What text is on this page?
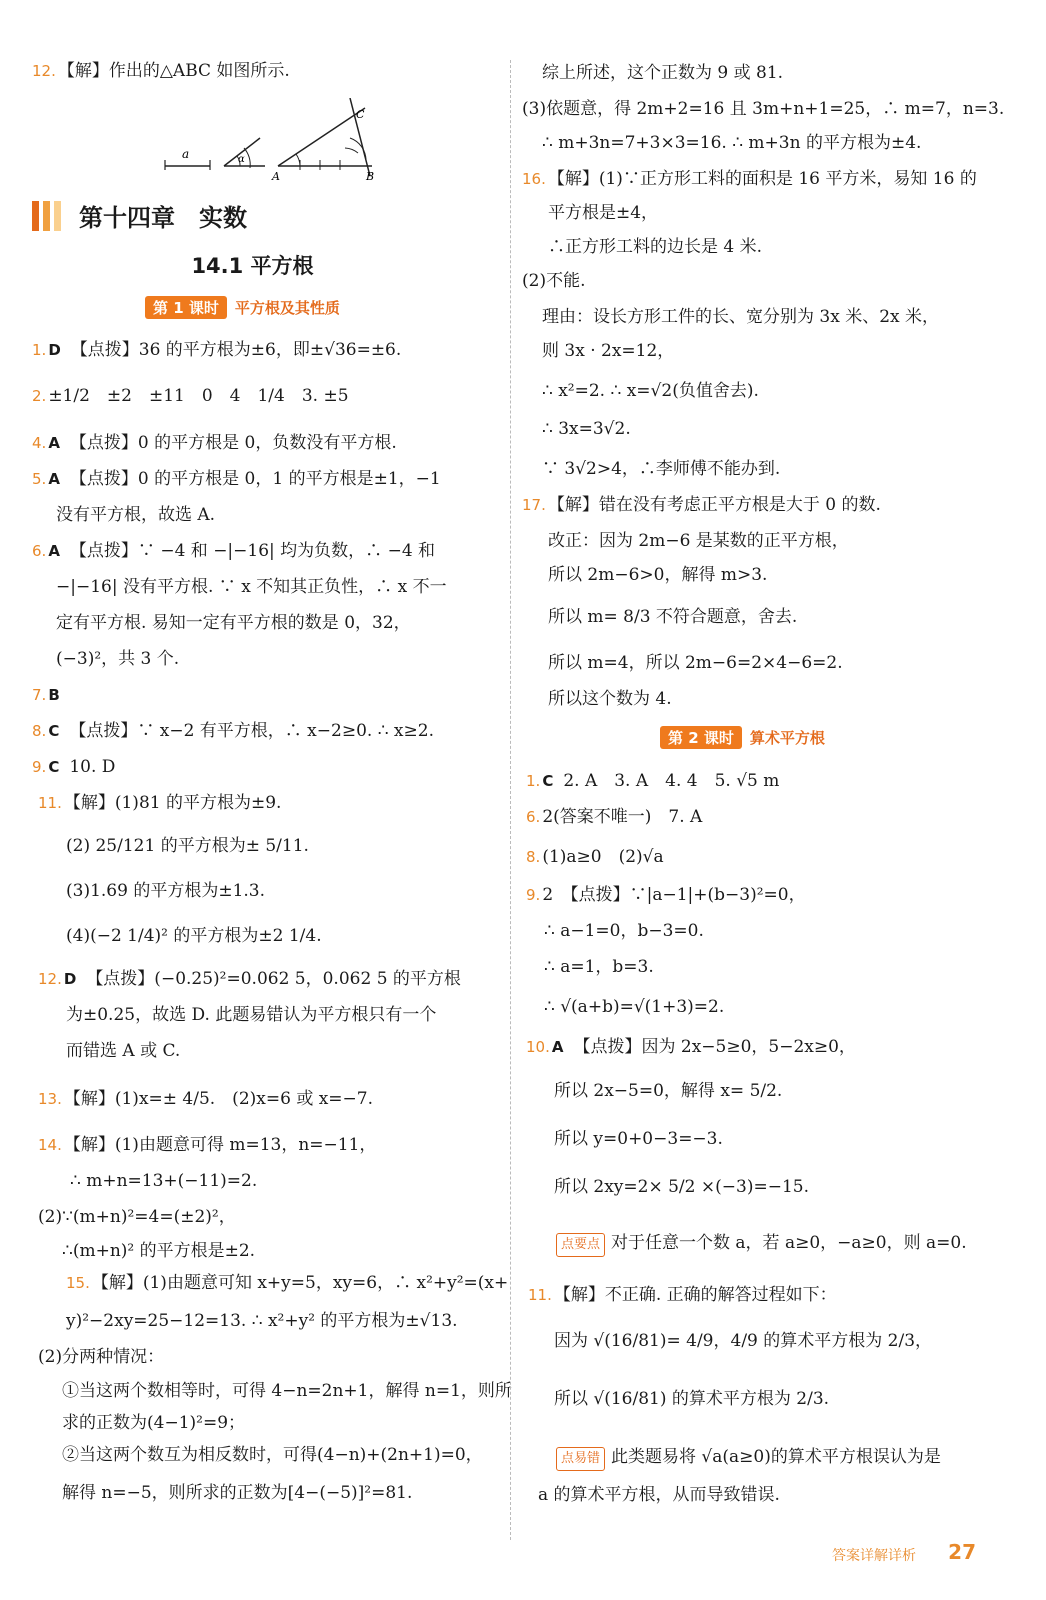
12. 【解】作出的△ABC 如图所示.
a	α
A	B
C
第十四章　实数
14.1 平方根
第 1 课时 平方根及其性质
1. D 【点拨】36 的平方根为±6，即±√36=±6.
2. ±1/2　±2　±11　0　4　1/4　3. ±5
4. A 【点拨】0 的平方根是 0，负数没有平方根.
5. A 【点拨】0 的平方根是 0，1 的平方根是±1，−1
没有平方根，故选 A.
6. A 【点拨】∵ −4 和 −|−16| 均为负数，∴ −4 和
−|−16| 没有平方根. ∵ x 不知其正负性，∴ x 不一
定有平方根. 易知一定有平方根的数是 0，32，
(−3)²，共 3 个.
7. B
8. C 【点拨】∵ x−2 有平方根，∴ x−2≥0. ∴ x≥2.
9. C 10. D
11. 【解】(1)81 的平方根为±9.
(2) 25/121 的平方根为± 5/11.
(3)1.69 的平方根为±1.3.
(4)(−2 1/4)² 的平方根为±2 1/4.
12. D 【点拨】(−0.25)²=0.062 5，0.062 5 的平方根
为±0.25，故选 D. 此题易错认为平方根只有一个
而错选 A 或 C.
13. 【解】(1)x=± 4/5.　(2)x=6 或 x=−7.
14. 【解】(1)由题意可得 m=13，n=−11，
∴ m+n=13+(−11)=2.
(2)∵(m+n)²=4=(±2)²，
∴(m+n)² 的平方根是±2.
15. 【解】(1)由题意可知 x+y=5，xy=6，∴ x²+y²=(x+
y)²−2xy=25−12=13. ∴ x²+y² 的平方根为±√13.
(2)分两种情况：
①当这两个数相等时，可得 4−n=2n+1，解得 n=1，则所
求的正数为(4−1)²=9；
②当这两个数互为相反数时，可得(4−n)+(2n+1)=0，
解得 n=−5，则所求的正数为[4−(−5)]²=81.
第 2 课时 算术平方根
综上所述，这个正数为 9 或 81.
(3)依题意，得 2m+2=16 且 3m+n+1=25，∴ m=7，n=3.
∴ m+3n=7+3×3=16. ∴ m+3n 的平方根为±4.
16. 【解】(1)∵正方形工料的面积是 16 平方米，易知 16 的
平方根是±4，
∴正方形工料的边长是 4 米.
(2)不能.
理由：设长方形工件的长、宽分别为 3x 米、2x 米，
则 3x · 2x=12，
∴ x²=2. ∴ x=√2(负值舍去).
∴ 3x=3√2.
∵ 3√2>4，∴李师傅不能办到.
17. 【解】错在没有考虑正平方根是大于 0 的数.
改正：因为 2m−6 是某数的正平方根，
所以 2m−6>0，解得 m>3.
所以 m= 8/3 不符合题意，舍去.
所以 m=4，所以 2m−6=2×4−6=2.
所以这个数为 4.
1. C 2. A　3. A　4. 4　5. √5 m
6. 2(答案不唯一)　7. A
8. (1)a≥0　(2)√a
9. 2　【点拨】∵|a−1|+(b−3)²=0，
∴ a−1=0，b−3=0.
∴ a=1，b=3.
∴ √(a+b)=√(1+3)=2.
10. A 【点拨】因为 2x−5≥0，5−2x≥0，
所以 2x−5=0，解得 x= 5/2.
所以 y=0+0−3=−3.
所以 2xy=2× 5/2 ×(−3)=−15.
点要点 对于任意一个数 a，若 a≥0，−a≥0，则 a=0.
11. 【解】不正确. 正确的解答过程如下：
因为 √(16/81)= 4/9，4/9 的算术平方根为 2/3，
所以 √(16/81) 的算术平方根为 2/3.
点易错 此类题易将 √a(a≥0)的算术平方根误认为是
a 的算术平方根，从而导致错误.
答案详解详析 27
